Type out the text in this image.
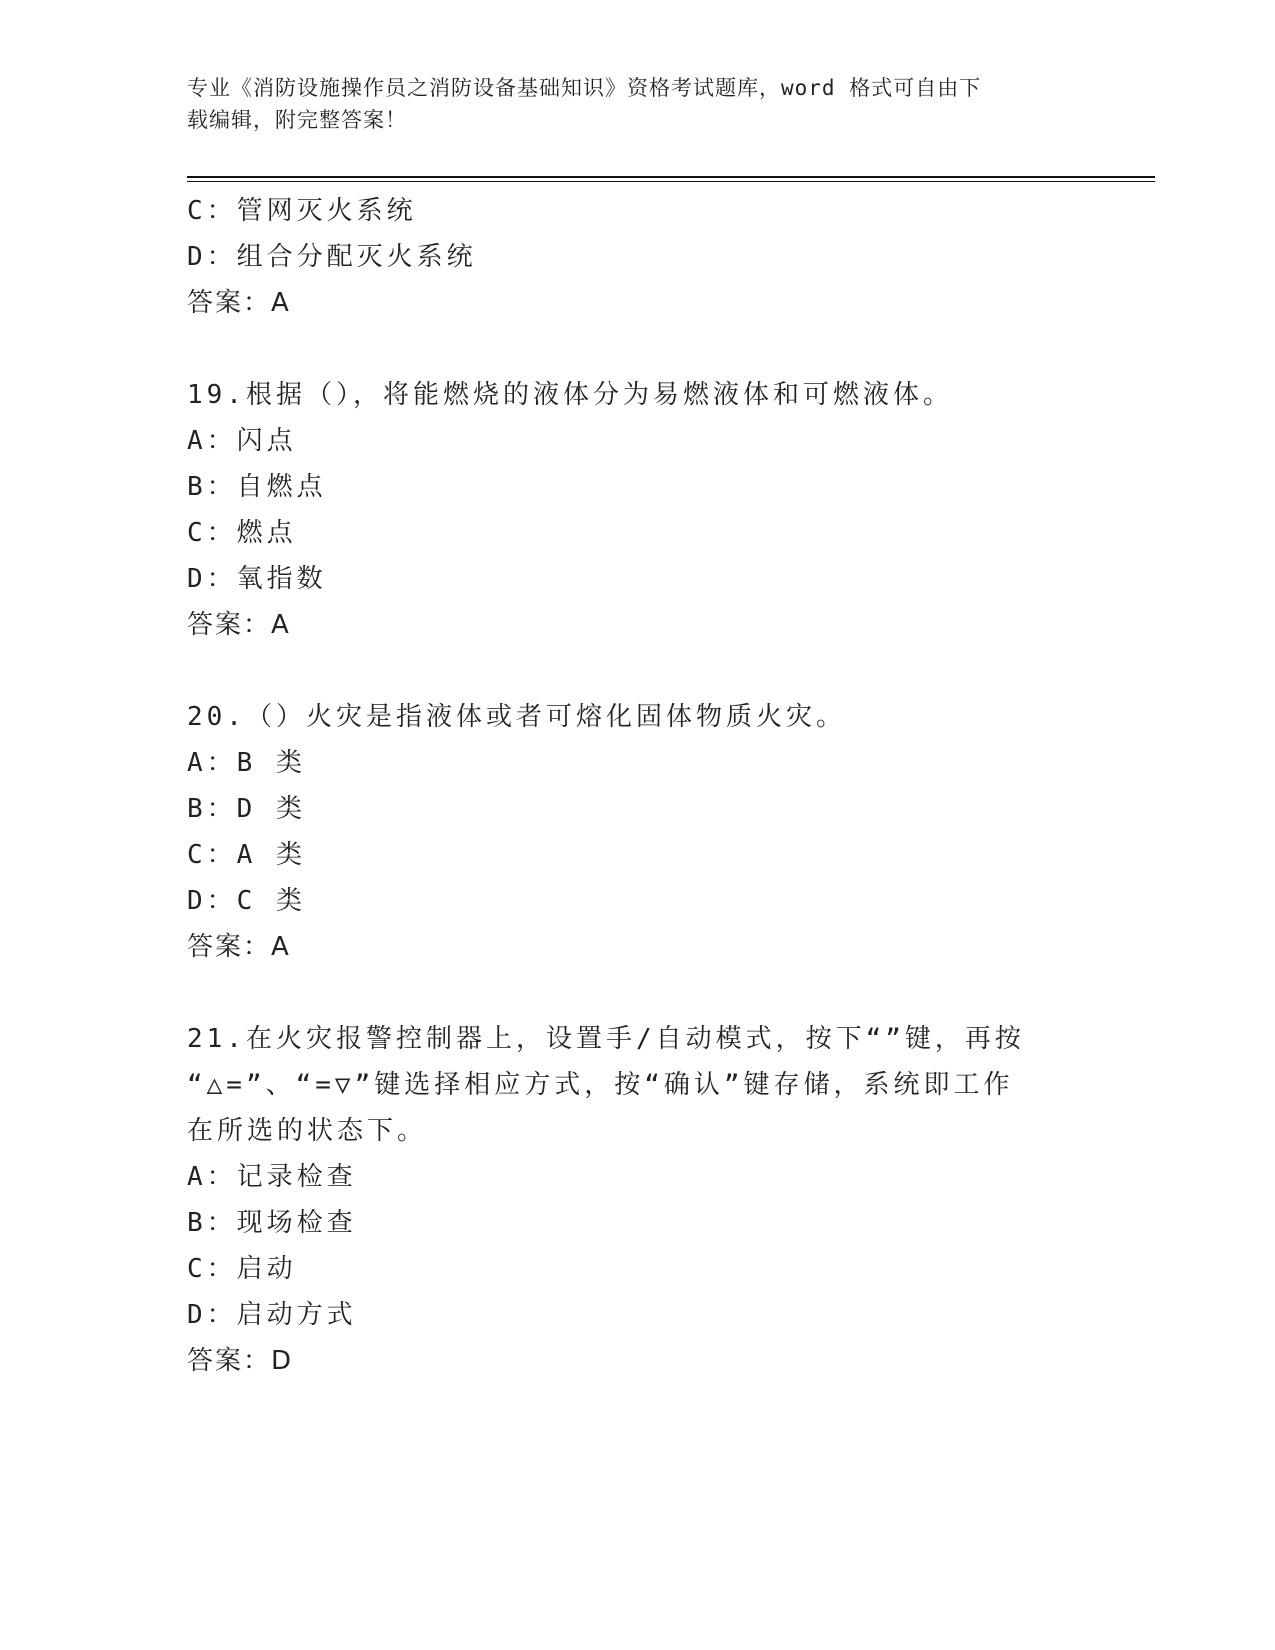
专业《消防设施操作员之消防设备基础知识》资格考试题库，word 格式可自由下
载编辑，附完整答案！
C：管网灭火系统
D：组合分配灭火系统
答案：A
19.根据（），将能燃烧的液体分为易燃液体和可燃液体。
A：闪点
B：自燃点
C：燃点
D：氧指数
答案：A
20.（）火灾是指液体或者可熔化固体物质火灾。
A：B 类
B：D 类
C：A 类
D：C 类
答案：A
21.在火灾报警控制器上，设置手/自动模式，按下“”键，再按
“△=”、“=▽”键选择相应方式，按“确认”键存储，系统即工作
在所选的状态下。
A：记录检查
B：现场检查
C：启动
D：启动方式
答案：D
